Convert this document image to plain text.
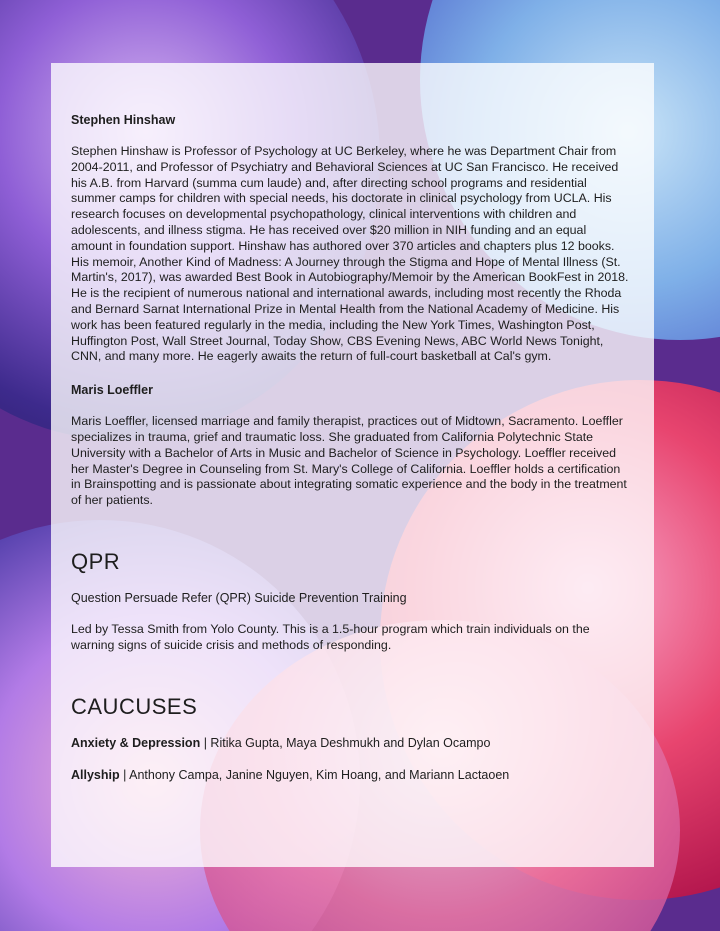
Stephen Hinshaw

Stephen Hinshaw is Professor of Psychology at UC Berkeley, where he was Department Chair from 2004-2011, and Professor of Psychiatry and Behavioral Sciences at UC San Francisco. He received his A.B. from Harvard (summa cum laude) and, after directing school programs and residential summer camps for children with special needs, his doctorate in clinical psychology from UCLA. His research focuses on developmental psychopathology, clinical interventions with children and adolescents, and illness stigma. He has received over $20 million in NIH funding and an equal amount in foundation support. Hinshaw has authored over 370 articles and chapters plus 12 books. His memoir, Another Kind of Madness: A Journey through the Stigma and Hope of Mental Illness (St. Martin's, 2017), was awarded Best Book in Autobiography/Memoir by the American BookFest in 2018. He is the recipient of numerous national and international awards, including most recently the Rhoda and Bernard Sarnat International Prize in Mental Health from the National Academy of Medicine. His work has been featured regularly in the media, including the New York Times, Washington Post, Huffington Post, Wall Street Journal, Today Show, CBS Evening News, ABC World News Tonight, CNN, and many more. He eagerly awaits the return of full-court basketball at Cal's gym.

Maris Loeffler

Maris Loeffler, licensed marriage and family therapist, practices out of Midtown, Sacramento. Loeffler specializes in trauma, grief and traumatic loss. She graduated from California Polytechnic State University with a Bachelor of Arts in Music and Bachelor of Science in Psychology. Loeffler received her Master's Degree in Counseling from St. Mary's College of California. Loeffler holds a certification in Brainspotting and is passionate about integrating somatic experience and the body in the treatment of her patients.

QPR
Question Persuade Refer (QPR) Suicide Prevention Training

Led by Tessa Smith from Yolo County. This is a 1.5-hour program which train individuals on the warning signs of suicide crisis and methods of responding.

CAUCUSES
Anxiety & Depression | Ritika Gupta, Maya Deshmukh and Dylan Ocampo
Allyship | Anthony Campa, Janine Nguyen, Kim Hoang, and Mariann Lactaoen
